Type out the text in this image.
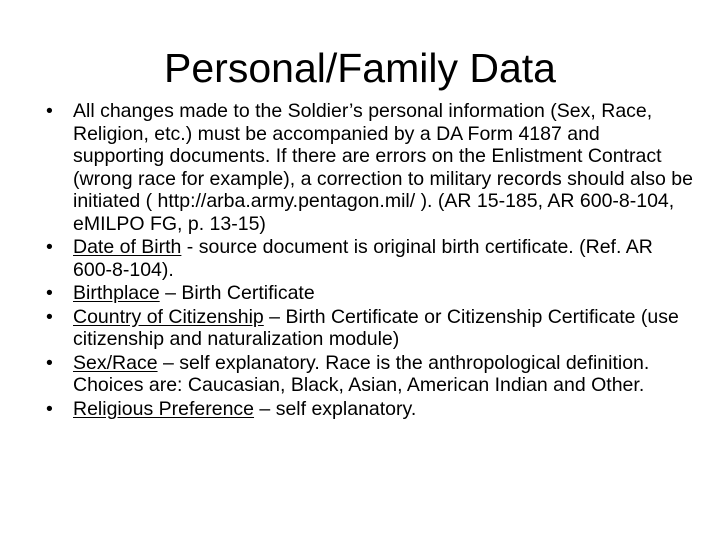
Personal/Family Data
•	All changes made to the Soldier’s personal information (Sex, Race, Religion, etc.) must be accompanied by a DA Form 4187 and supporting documents. If there are errors on the Enlistment Contract (wrong race for example), a correction to military records should also be initiated ( http://arba.army.pentagon.mil/ ). (AR 15-185, AR 600-8-104, eMILPO FG, p. 13-15)
•	Date of Birth - source document is original birth certificate. (Ref. AR 600-8-104).
•	Birthplace – Birth Certificate
•	Country of Citizenship – Birth Certificate or Citizenship Certificate (use citizenship and naturalization module)
•	Sex/Race – self explanatory. Race is the anthropological definition. Choices are: Caucasian, Black, Asian, American Indian and Other.
•	Religious Preference – self explanatory.
